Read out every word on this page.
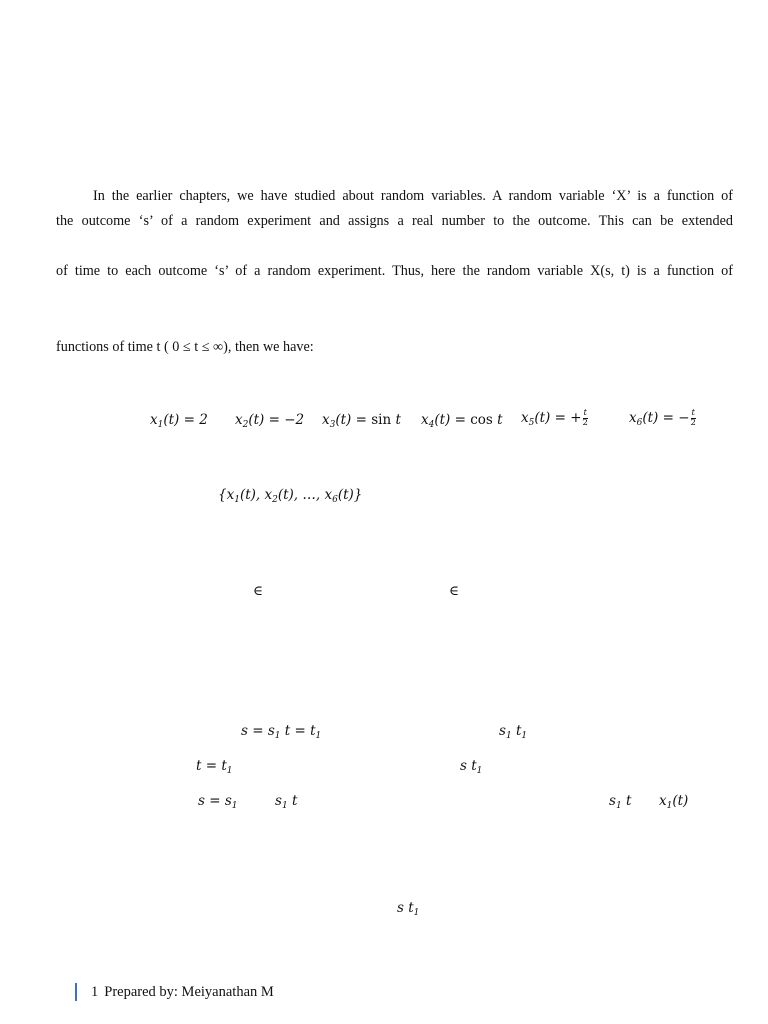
In the earlier chapters, we have studied about random variables. A random variable ‘X’ is a function of
the outcome ‘s’ of a random experiment and assigns a real number to the outcome. This can be extended
of time to each outcome ‘s’ of a random experiment. Thus, here the random variable X(s, t) is a function of
functions of time t ( 0 ≤ t ≤ ∞), then we have:
$x_1(t) = 2$ $x_2(t) = -2$ $x_3(t) = \sin t$ $x_4(t) = \cos t$ $x_5(t)$ = + $\frac{t}{2}$	$x_6(t)$ = − $\frac{t}{2}$
{$x_1(t)$, $x_2(t)$, …, $x_6(t)$}
∈	∈
$s = s_1$ $t = t_1$	$s_1$ $t_1$
$t = t_1$	s $t_1$
$s = s_1$	$s_1$ t	$s_1$ t $x_1(t)$
s $t_1$
1 Prepared by: Meiyanathan M
